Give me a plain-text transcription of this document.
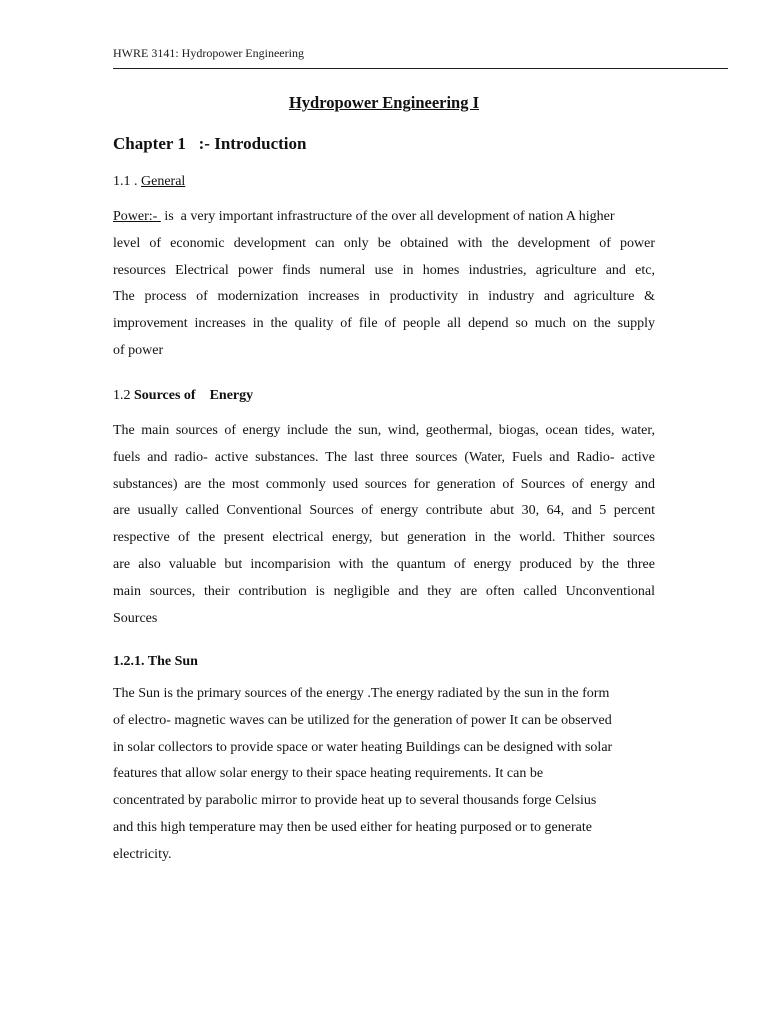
HWRE 3141: Hydropower Engineering
Hydropower Engineering I
Chapter 1   :- Introduction
1.1 . General
Power:-  is  a very important infrastructure of the over all development of nation A higher
level of economic development can only be obtained with the development of power
resources Electrical power finds numeral use in homes industries, agriculture and etc,
The process of modernization increases in productivity in industry and agriculture &
improvement increases in the quality of file of people all depend so much on the supply
of power
1.2 Sources of    Energy
The main sources of energy include the sun, wind, geothermal, biogas, ocean tides, water,
fuels and radio- active substances. The last three sources (Water, Fuels and Radio- active
substances) are the most commonly used sources for generation of Sources of energy and
are usually called Conventional Sources of energy contribute abut 30, 64, and 5 percent
respective of the present electrical energy, but generation in the world. Thither sources
are also valuable but incomparision with the quantum of energy produced by the three
main sources, their contribution is negligible and they are often called Unconventional
Sources
1.2.1. The Sun
The Sun is the primary sources of the energy .The energy radiated by the sun in the form
of electro- magnetic waves can be utilized for the generation of power It can be observed
in solar collectors to provide space or water heating Buildings can be designed with solar
features that allow solar energy to their space heating requirements. It can be
concentrated by parabolic mirror to provide heat up to several thousands forge Celsius
and this high temperature may then be used either for heating purposed or to generate
electricity.
